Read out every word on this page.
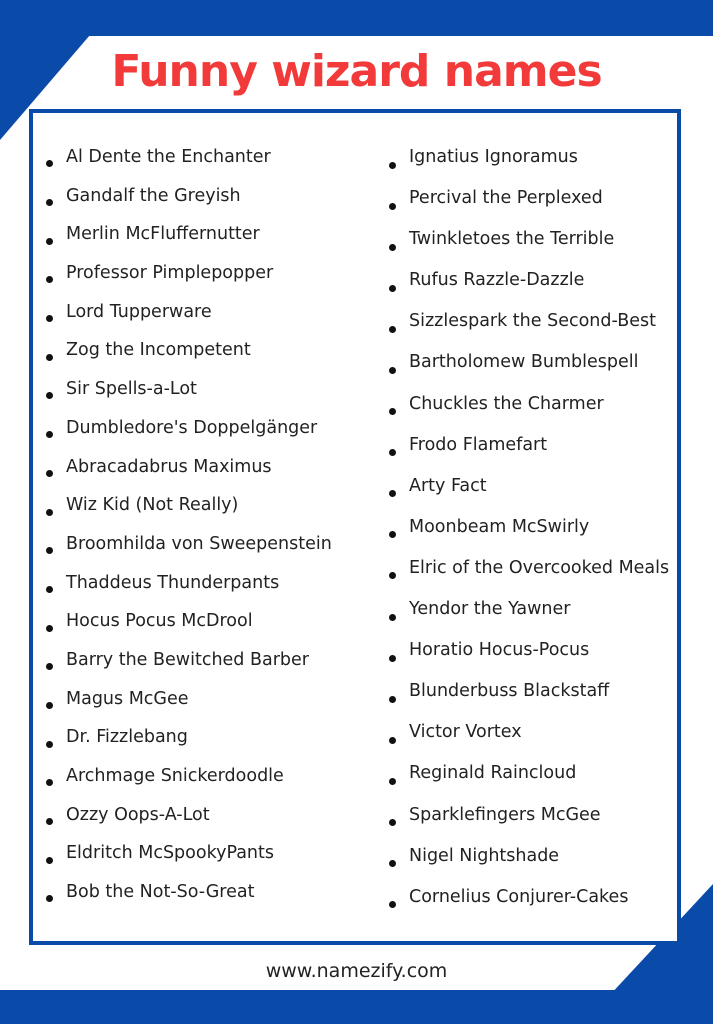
Funny wizard names
Al Dente the Enchanter
Gandalf the Greyish
Merlin McFluffernutter
Professor Pimplepopper
Lord Tupperware
Zog the Incompetent
Sir Spells-a-Lot
Dumbledore's Doppelgänger
Abracadabrus Maximus
Wiz Kid (Not Really)
Broomhilda von Sweepenstein
Thaddeus Thunderpants
Hocus Pocus McDrool
Barry the Bewitched Barber
Magus McGee
Dr. Fizzlebang
Archmage Snickerdoodle
Ozzy Oops-A-Lot
Eldritch McSpookyPants
Bob the Not-So-Great
Ignatius Ignoramus
Percival the Perplexed
Twinkletoes the Terrible
Rufus Razzle-Dazzle
Sizzlespark the Second-Best
Bartholomew Bumblespell
Chuckles the Charmer
Frodo Flamefart
Arty Fact
Moonbeam McSwirly
Elric of the Overcooked Meals
Yendor the Yawner
Horatio Hocus-Pocus
Blunderbuss Blackstaff
Victor Vortex
Reginald Raincloud
Sparklefingers McGee
Nigel Nightshade
Cornelius Conjurer-Cakes
www.namezify.com
